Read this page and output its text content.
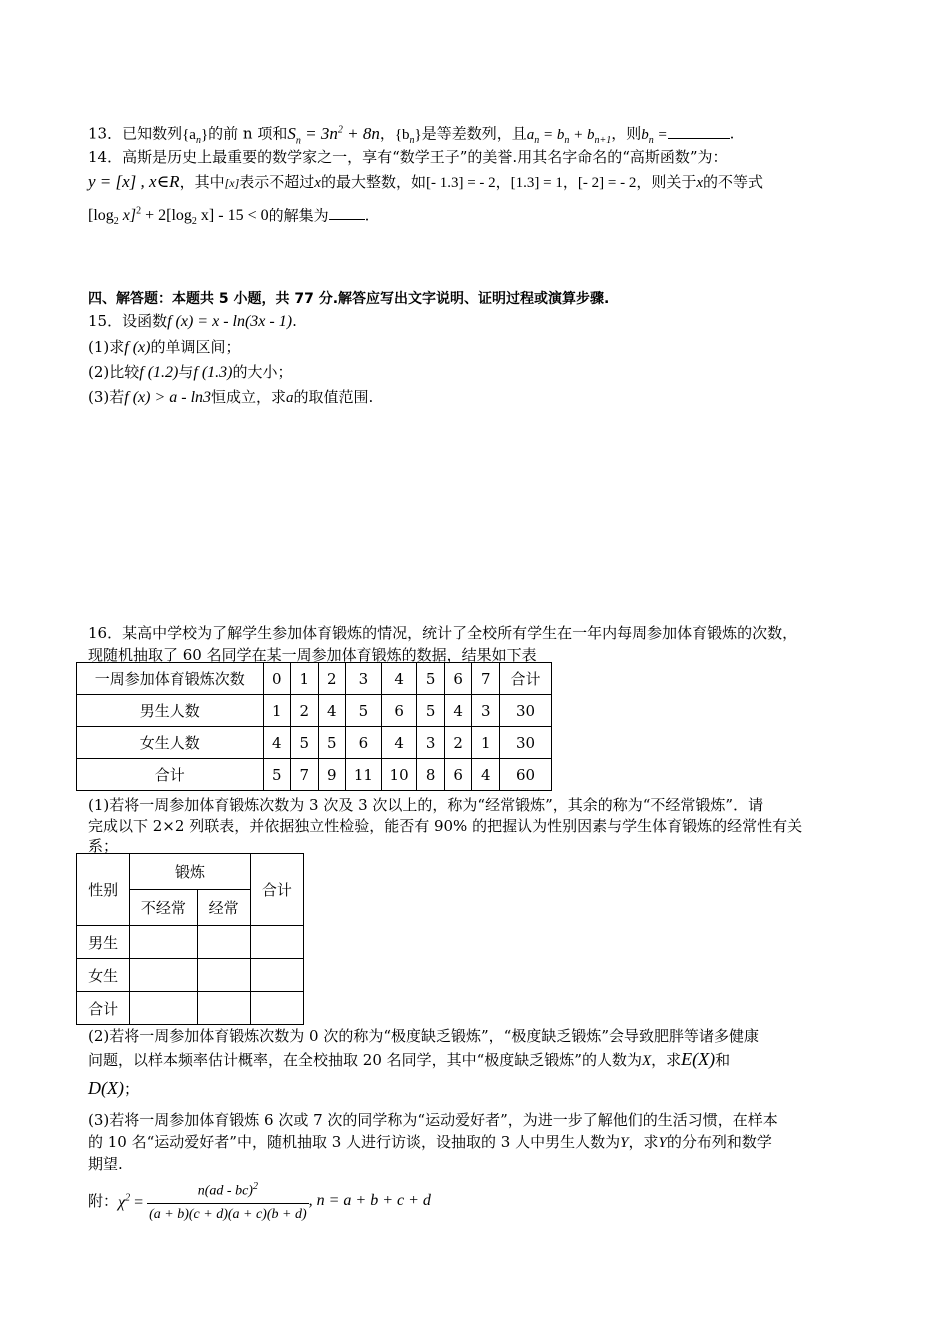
13．已知数列$\{a_n\}$的前 n 项和$S_n = 3n^2 + 8n$，$\{b_n\}$是等差数列，且$a_n = b_n + b_{n+1}$，则$b_n$ =	.
14．高斯是历史上最重要的数学家之一，享有“数学王子”的美誉.用其名字命名的“高斯函数”为：
y = [x] , x∈R，其中[x]表示不超过x的最大整数，如[- 1.3] = - 2，[1.3] = 1，[- 2] = - 2，则关于x的不等式
[$\log_2$ $x]^2 + 2[\log_2$ x] - 15 < 0的解集为 .
四、解答题：本题共 5 小题，共 77 分.解答应写出文字说明、证明过程或演算步骤.
15．设函数f (x) = x - ln(3x - 1).
(1)求f (x)的单调区间；
(2)比较f (1.2)与f (1.3)的大小；
(3)若f (x) > a - ln3恒成立，求a的取值范围.
16．某高中学校为了解学生参加体育锻炼的情况，统计了全校所有学生在一年内每周参加体育锻炼的次数，
现随机抽取了 60 名同学在某一周参加体育锻炼的数据，结果如下表
一周参加体育锻炼次数	0	1	2	3	4	5	6	7	合计
男生人数	1	2	4	5	6	5	4	3	30
女生人数	4	5	5	6	4	3	2	1	30
合计	5	7	9	11	10	8	6	4	60
(1)若将一周参加体育锻炼次数为 3 次及 3 次以上的，称为“经常锻炼”，其余的称为“不经常锻炼”．请
完成以下 2×2 列联表，并依据独立性检验，能否有 90% 的把握认为性别因素与学生体育锻炼的经常性有关
系；
性别	锻炼		合计
	不经常	经常	
男生			
女生			
合计			
(2)若将一周参加体育锻炼次数为 0 次的称为“极度缺乏锻炼”，“极度缺乏锻炼”会导致肥胖等诸多健康
问题，以样本频率估计概率，在全校抽取 20 名同学，其中“极度缺乏锻炼”的人数为X，求E(X)和
D(X)；
(3)若将一周参加体育锻炼 6 次或 7 次的同学称为“运动爱好者”，为进一步了解他们的生活习惯，在样本
的 10 名“运动爱好者”中，随机抽取 3 人进行访谈，设抽取的 3 人中男生人数为Y，求Y的分布列和数学
期望.
附：$\chi^2 = \frac{n(ad - bc)^2}{(a + b)(c + d)(a + c)(b + d)}$ , n = a + b + c + d
